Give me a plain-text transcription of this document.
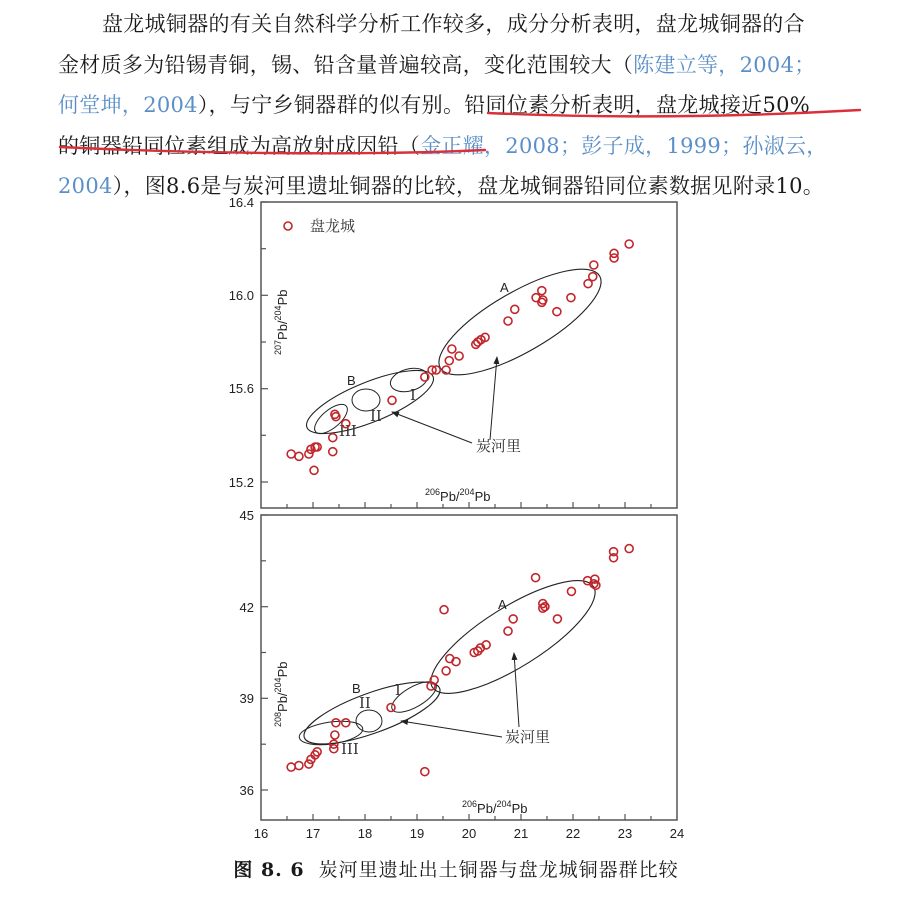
盘龙城铜器的有关自然科学分析工作较多，成分分析表明，盘龙城铜器的合
金材质多为铅锡青铜，锡、铅含量普遍较高，变化范围较大（陈建立等，2004；
何堂坤，2004），与宁乡铜器群的似有别。铅同位素分析表明，盘龙城接近50%
的铜器铅同位素组成为高放射成因铅（金正耀，2008；彭子成，1999；孙淑云，
2004），图8.6是与炭河里遗址铜器的比较，盘龙城铜器铅同位素数据见附录10。
16.4
16.0
15.6
15.2
$^{207}$Pb/$^{204}$Pb
$^{206}$Pb/$^{204}$Pb
盘龙城
A
B
I
II
III
炭河里
45
42
39
36
$^{208}$Pb/$^{204}$Pb
$^{206}$Pb/$^{204}$Pb
16	17	18	19	20	21	22	23	24
A
B I
II
III
炭河里
图 8. 6 炭河里遗址出土铜器与盘龙城铜器群比较
